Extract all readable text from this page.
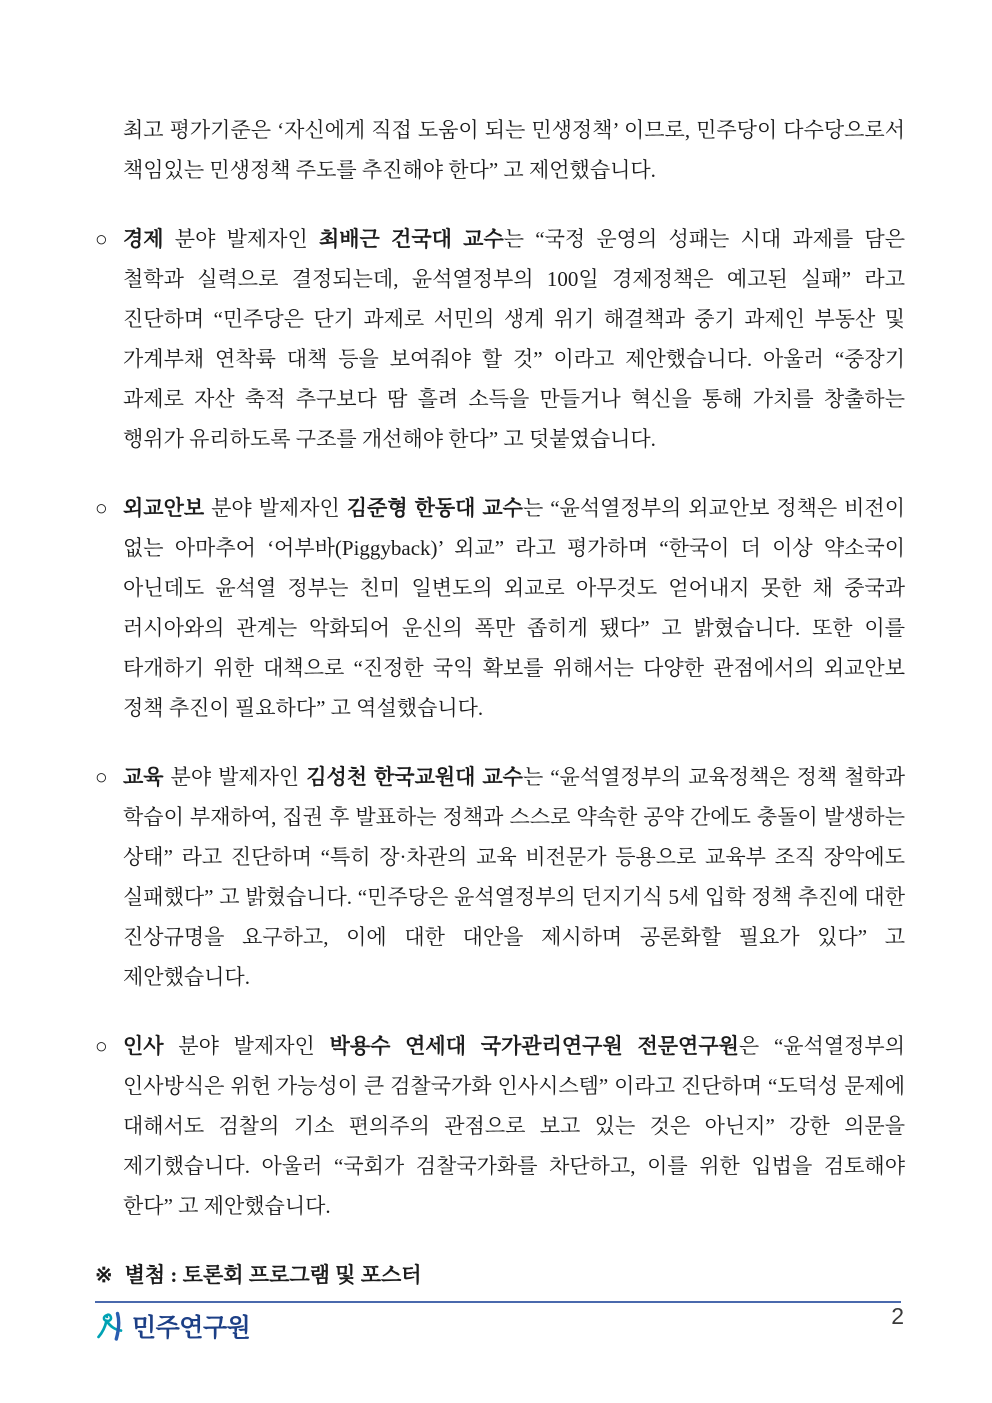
최고 평가기준은 ‘자신에게 직접 도움이 되는 민생정책’ 이므로, 민주당이 다수당으로서 책임있는 민생정책 주도를 추진해야 한다” 고 제언했습니다.

○ 경제 분야 발제자인 최배근 건국대 교수는 “국정 운영의 성패는 시대 과제를 담은 철학과 실력으로 결정되는데, 윤석열정부의 100일 경제정책은 예고된 실패” 라고 진단하며 “민주당은 단기 과제로 서민의 생계 위기 해결책과 중기 과제인 부동산 및 가계부채 연착륙 대책 등을 보여줘야 할 것” 이라고 제안했습니다. 아울러 “중장기 과제로 자산 축적 추구보다 땀 흘려 소득을 만들거나 혁신을 통해 가치를 창출하는 행위가 유리하도록 구조를 개선해야 한다” 고 덧붙였습니다.

○ 외교안보 분야 발제자인 김준형 한동대 교수는 “윤석열정부의 외교안보 정책은 비전이 없는 아마추어 ‘어부바(Piggyback)’ 외교” 라고 평가하며 “한국이 더 이상 약소국이 아닌데도 윤석열 정부는 친미 일변도의 외교로 아무것도 얻어내지 못한 채 중국과 러시아와의 관계는 악화되어 운신의 폭만 좁히게 됐다” 고 밝혔습니다. 또한 이를 타개하기 위한 대책으로 “진정한 국익 확보를 위해서는 다양한 관점에서의 외교안보 정책 추진이 필요하다” 고 역설했습니다.

○ 교육 분야 발제자인 김성천 한국교원대 교수는 “윤석열정부의 교육정책은 정책 철학과 학습이 부재하여, 집권 후 발표하는 정책과 스스로 약속한 공약 간에도 충돌이 발생하는 상태” 라고 진단하며 “특히 장·차관의 교육 비전문가 등용으로 교육부 조직 장악에도 실패했다” 고 밝혔습니다. “민주당은 윤석열정부의 던지기식 5세 입학 정책 추진에 대한 진상규명을 요구하고, 이에 대한 대안을 제시하며 공론화할 필요가 있다” 고 제안했습니다.

○ 인사 분야 발제자인 박용수 연세대 국가관리연구원 전문연구원은 “윤석열정부의 인사방식은 위헌 가능성이 큰 검찰국가화 인사시스템” 이라고 진단하며 “도덕성 문제에 대해서도 검찰의 기소 편의주의 관점으로 보고 있는 것은 아닌지” 강한 의문을 제기했습니다. 아울러 “국회가 검찰국가화를 차단하고, 이를 위한 입법을 검토해야 한다” 고 제안했습니다.

※ 별첨 : 토론회 프로그램 및 포스터

민주연구원	2
